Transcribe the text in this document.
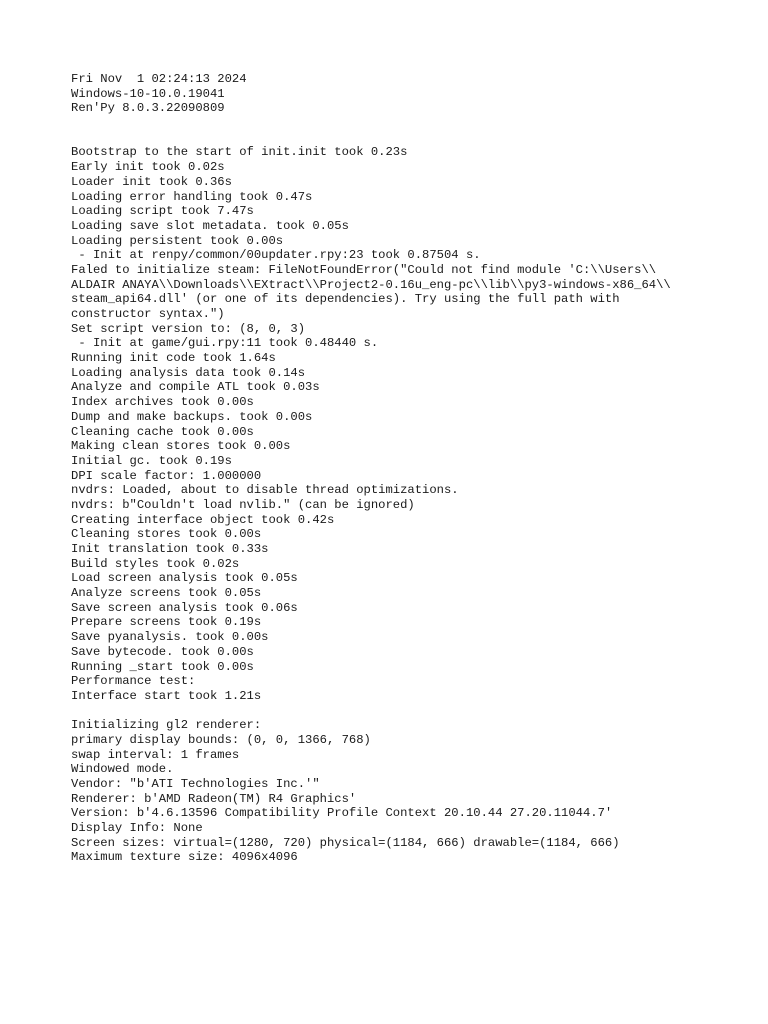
Fri Nov  1 02:24:13 2024
Windows-10-10.0.19041
Ren'Py 8.0.3.22090809
Bootstrap to the start of init.init took 0.23s
Early init took 0.02s
Loader init took 0.36s
Loading error handling took 0.47s
Loading script took 7.47s
Loading save slot metadata. took 0.05s
Loading persistent took 0.00s
- Init at renpy/common/00updater.rpy:23 took 0.87504 s.
Faled to initialize steam: FileNotFoundError("Could not find module 'C:\\Users\\
ALDAIR ANAYA\\Downloads\\EXtract\\Project2-0.16u_eng-pc\\lib\\py3-windows-x86_64\\
steam_api64.dll' (or one of its dependencies). Try using the full path with
constructor syntax.")
Set script version to: (8, 0, 3)
- Init at game/gui.rpy:11 took 0.48440 s.
Running init code took 1.64s
Loading analysis data took 0.14s
Analyze and compile ATL took 0.03s
Index archives took 0.00s
Dump and make backups. took 0.00s
Cleaning cache took 0.00s
Making clean stores took 0.00s
Initial gc. took 0.19s
DPI scale factor: 1.000000
nvdrs: Loaded, about to disable thread optimizations.
nvdrs: b"Couldn't load nvlib." (can be ignored)
Creating interface object took 0.42s
Cleaning stores took 0.00s
Init translation took 0.33s
Build styles took 0.02s
Load screen analysis took 0.05s
Analyze screens took 0.05s
Save screen analysis took 0.06s
Prepare screens took 0.19s
Save pyanalysis. took 0.00s
Save bytecode. took 0.00s
Running _start took 0.00s
Performance test:
Interface start took 1.21s
Initializing gl2 renderer:
primary display bounds: (0, 0, 1366, 768)
swap interval: 1 frames
Windowed mode.
Vendor: "b'ATI Technologies Inc.'"
Renderer: b'AMD Radeon(TM) R4 Graphics'
Version: b'4.6.13596 Compatibility Profile Context 20.10.44 27.20.11044.7'
Display Info: None
Screen sizes: virtual=(1280, 720) physical=(1184, 666) drawable=(1184, 666)
Maximum texture size: 4096x4096
